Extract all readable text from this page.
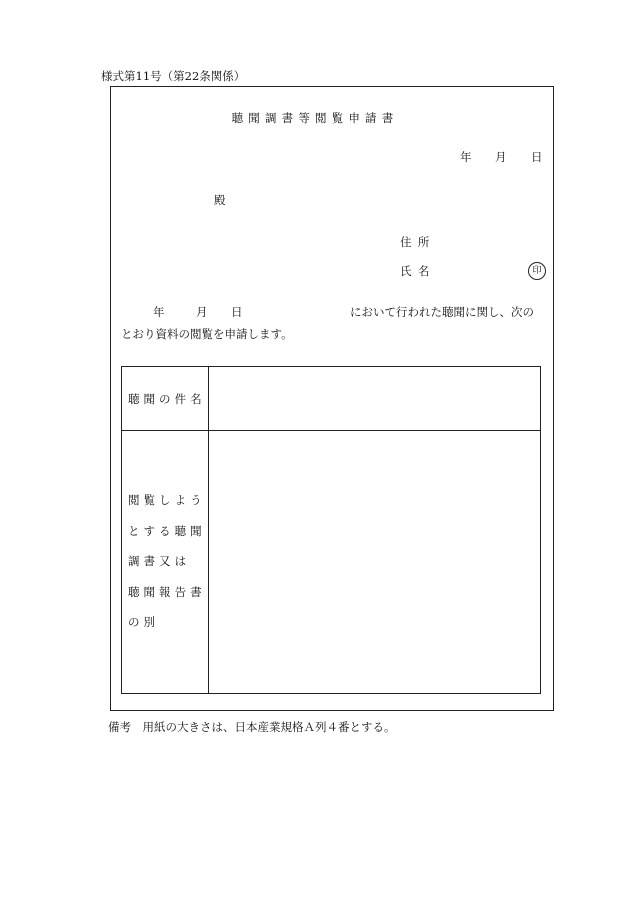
様式第11号（第22条関係）
聴聞調書等閲覧申請書
年 月 日
殿
住所
氏名	印
年	月 日	において行われた聴聞に関し、次の
とおり資料の閲覧を申請します。
聴聞の件名	

閲覧しよう
とする聴聞
調書又は
聴聞報告書
の別	

備考　用紙の大きさは、日本産業規格Ａ列４番とする。
